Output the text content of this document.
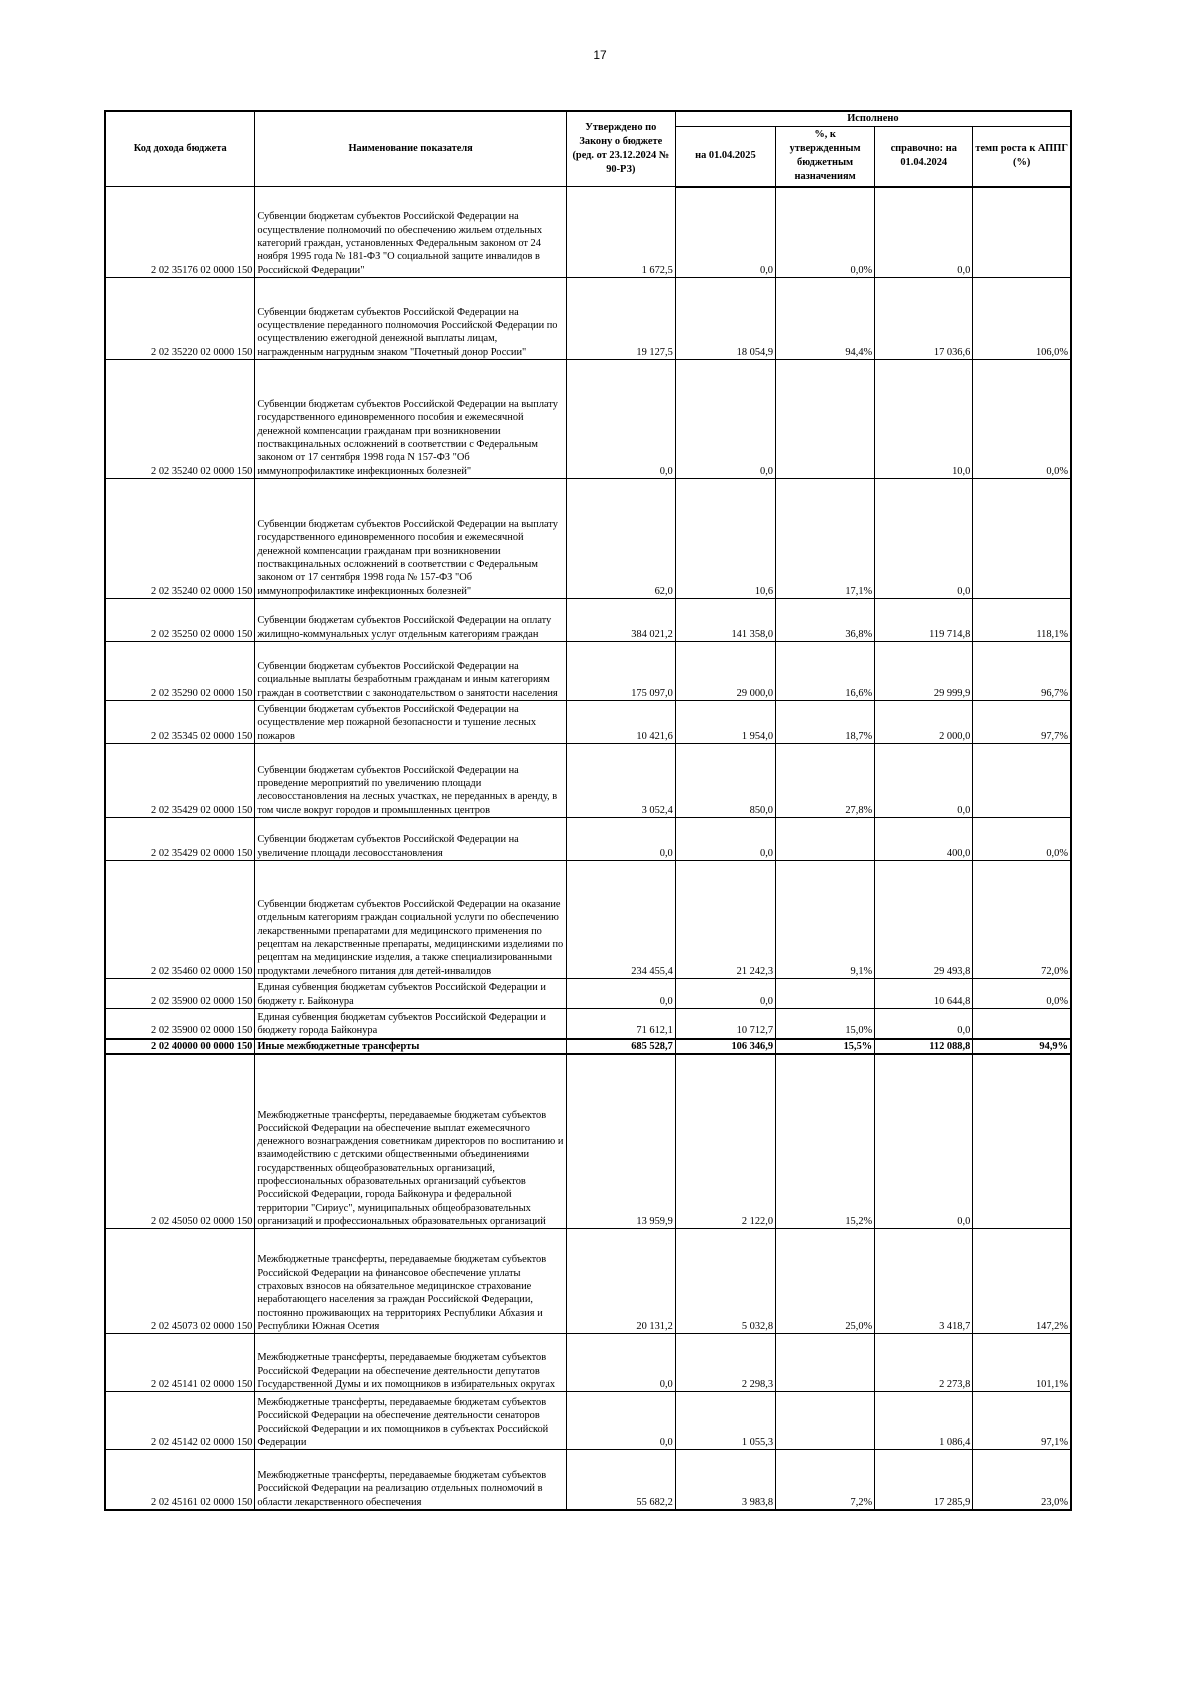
17
Код дохода бюджета	Наименование показателя	Утверждено по Закону о бюджете (ред. от 23.12.2024 № 90-РЗ)	Исполнено			
			на 01.04.2025	%, к утвержденным бюджетным назначениям	справочно: на 01.04.2024	темп роста к АППГ (%)
2 02 35176 02 0000 150	Субвенции бюджетам субъектов Российской Федерации на осуществление полномочий по обеспечению жильем отдельных категорий граждан, установленных Федеральным законом от 24 ноября 1995 года № 181-ФЗ "О социальной защите инвалидов в Российской Федерации"	1 672,5	0,0	0,0%	0,0	
2 02 35220 02 0000 150	Субвенции бюджетам субъектов Российской Федерации на осуществление переданного полномочия Российской Федерации по осуществлению ежегодной денежной выплаты лицам, награжденным нагрудным знаком "Почетный донор России"	19 127,5	18 054,9	94,4%	17 036,6	106,0%
2 02 35240 02 0000 150	Субвенции бюджетам субъектов Российской Федерации на выплату государственного единовременного пособия и ежемесячной денежной компенсации гражданам при возникновении поствакцинальных осложнений в соответствии с Федеральным законом от 17 сентября 1998 года N 157-ФЗ "Об иммунопрофилактике инфекционных болезней"	0,0	0,0		10,0	0,0%
2 02 35240 02 0000 150	Субвенции бюджетам субъектов Российской Федерации на выплату государственного единовременного пособия и ежемесячной денежной компенсации гражданам при возникновении поствакцинальных осложнений в соответствии с Федеральным законом от 17 сентября 1998 года № 157-ФЗ "Об иммунопрофилактике инфекционных болезней"	62,0	10,6	17,1%	0,0	
2 02 35250 02 0000 150	Субвенции бюджетам субъектов Российской Федерации на оплату жилищно-коммунальных услуг отдельным категориям граждан	384 021,2	141 358,0	36,8%	119 714,8	118,1%
2 02 35290 02 0000 150	Субвенции бюджетам субъектов Российской Федерации на социальные выплаты безработным гражданам и иным категориям граждан в соответствии с законодательством о занятости населения	175 097,0	29 000,0	16,6%	29 999,9	96,7%
2 02 35345 02 0000 150	Субвенции бюджетам субъектов Российской Федерации на осуществление мер пожарной безопасности и тушение лесных пожаров	10 421,6	1 954,0	18,7%	2 000,0	97,7%
2 02 35429 02 0000 150	Субвенции бюджетам субъектов Российской Федерации на проведение мероприятий по увеличению площади лесовосстановления на лесных участках, не переданных в аренду, в том числе вокруг городов и промышленных центров	3 052,4	850,0	27,8%	0,0	
2 02 35429 02 0000 150	Субвенции бюджетам субъектов Российской Федерации на увеличение площади лесовосстановления	0,0	0,0		400,0	0,0%
2 02 35460 02 0000 150	Субвенции бюджетам субъектов Российской Федерации на оказание отдельным категориям граждан социальной услуги по обеспечению лекарственными препаратами для медицинского применения по рецептам на лекарственные препараты, медицинскими изделиями по рецептам на медицинские изделия, а также специализированными продуктами лечебного питания для детей-инвалидов	234 455,4	21 242,3	9,1%	29 493,8	72,0%
2 02 35900 02 0000 150	Единая субвенция бюджетам субъектов Российской Федерации и бюджету г. Байконура	0,0	0,0		10 644,8	0,0%
2 02 35900 02 0000 150	Единая субвенция бюджетам субъектов Российской Федерации и бюджету города Байконура	71 612,1	10 712,7	15,0%	0,0	
2 02 40000 00 0000 150	Иные межбюджетные трансферты	685 528,7	106 346,9	15,5%	112 088,8	94,9%
2 02 45050 02 0000 150	Межбюджетные трансферты, передаваемые бюджетам субъектов Российской Федерации на обеспечение выплат ежемесячного денежного вознаграждения советникам директоров по воспитанию и взаимодействию с детскими общественными объединениями государственных общеобразовательных организаций, профессиональных образовательных организаций субъектов Российской Федерации, города Байконура и федеральной территории "Сириус", муниципальных общеобразовательных организаций и профессиональных образовательных организаций	13 959,9	2 122,0	15,2%	0,0	
2 02 45073 02 0000 150	Межбюджетные трансферты, передаваемые бюджетам субъектов Российской Федерации на финансовое обеспечение уплаты страховых взносов на обязательное медицинское страхование неработающего населения за граждан Российской Федерации, постоянно проживающих на территориях Республики Абхазия и Республики Южная Осетия	20 131,2	5 032,8	25,0%	3 418,7	147,2%
2 02 45141 02 0000 150	Межбюджетные трансферты, передаваемые бюджетам субъектов Российской Федерации на обеспечение деятельности депутатов Государственной Думы и их помощников в избирательных округах	0,0	2 298,3		2 273,8	101,1%
2 02 45142 02 0000 150	Межбюджетные трансферты, передаваемые бюджетам субъектов Российской Федерации на обеспечение деятельности сенаторов Российской Федерации и их помощников в субъектах Российской Федерации	0,0	1 055,3		1 086,4	97,1%
2 02 45161 02 0000 150	Межбюджетные трансферты, передаваемые бюджетам субъектов Российской Федерации на реализацию отдельных полномочий в области лекарственного обеспечения	55 682,2	3 983,8	7,2%	17 285,9	23,0%
